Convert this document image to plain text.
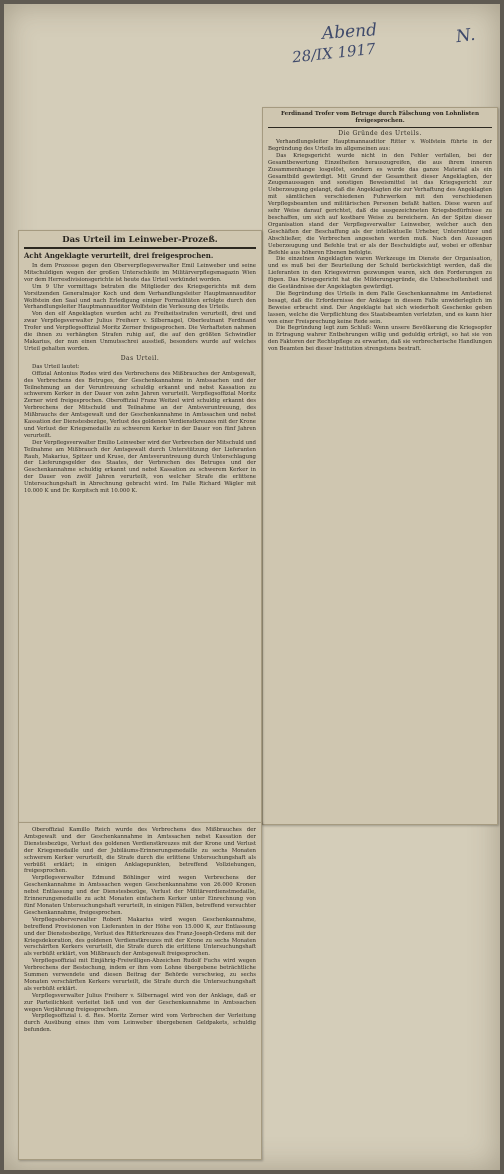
Abend
28/IX 1917
N.

Ferdinand Trofer vom Betruge durch Fälschung von Lohnlisten freigesprochen.

Die Gründe des Urteils.

Verhandlungsleiter Hauptmannauditor Ritter v. Wolfstein führte in der Begründung des Urteils im allgemeinen aus:

Das Kriegsgericht wurde nicht in den Fehler verfallen, bei der Gesamtbewertung Einzelheiten herauszugreifen, die aus ihrem inneren Zusammenhange losgelöst, sondern es wurde das ganze Material als ein Gesamtbild gewürdigt. Mit Grund der Gesamtheit dieser Angeklagten, der Zeugenaussagen und sonstigen Beweismittel ist das Kriegsgericht zur Ueberzeugung gelangt, daß die Angeklagten die zur Verhaftung des Angeklagten mit sämtlichen verschiedenen Fuhrwerken mit den verschiedenen Verpflegsbeamten und militärischen Personen befaßt hatten. Diese waren auf sehr Weise darauf gerichtet, daß die ausgezeichneten Kriegsbedürfnisse zu beschaffen, um sich auf kostbare Weise zu bereichern. An der Spitze dieser Organisation stand der Verpflegsverwalter Leinweber, welcher auch den Geschäften der Beschaffung als der intellektuelle Urheber, Unterstützer und Abschließer, die Verbrechen angesehen werden muß. Nach den Aussagen Ueberzeugung und Befehle trat er als der Beschuldigte auf, wobei er offenbar Befehle aus höheren Ebenen befolgte.

Die einzelnen Angeklagten waren Werkzeuge im Dienste der Organisation, und es muß bei der Beurteilung der Schuld berücksichtigt werden, daß die Lieferanten in den Kriegswirren gezwungen waren, sich den Forderungen zu fügen. Das Kriegsgericht hat die Milderungsgründe, die Unbescholtenheit und die Geständnisse der Angeklagten gewürdigt.

Die Begründung des Urteils in dem Falle Geschenkannahme im Amtsdienst besagt, daß die Erfordernisse der Anklage in diesem Falle unwiderleglich im Beweise erbracht sind. Der Angeklagte hat sich wiederholt Geschenke geben lassen, welche die Verpflichtung des Staatsbeamten verletzten, und es kann hier von einer Freisprechung keine Rede sein.

Die Begründung legt zum Schluß: Wenn unsere Bevölkerung die Kriegsopfer in Ertragung wahrer Entbehrungen willig und geduldig erträgt, so hat sie von den Faktoren der Rechtspflege zu erwarten, daß sie verbrecherische Handlungen von Beamten bei dieser Institution strengstens bestraft.

Das Urteil im Leinweber-Prozeß.
Acht Angeklagte verurteilt, drei freigesprochen.

In dem Prozesse gegen den Oberverpflegsverwalter Emil Leinweber und seine Mitschuldigen wegen der großen Unterschleife im Militärverpflegsmagazin Wien vor dem Herresdivisionsgerichte ist heute das Urteil verkündet worden.

Um 9 Uhr vormittags betraten die Mitglieder des Kriegsgerichts mit dem Vorsitzenden Generalmajor Koch und dem Verhandlungsleiter Hauptmannauditor Wolfstein den Saal und nach Erledigung einiger Formalitäten erfolgte durch den Verhandlungsleiter Hauptmannauditor Wolfstein die Verlesung des Urteils.

Von den elf Angeklagten wurden acht zu Freiheitsstrafen verurteilt, drei und zwar Verpflegsverwalter Julius Freiherr v. Silbernagel, Oberleutnant Ferdinand Trofer und Verpflegsoffizial Moritz Zerner freigesprochen. Die Verhafteten nahmen die ihnen zu verhängten Strafen ruhig auf, die auf den größten Schwindler Makarius, der nun einen Unmutsschrei ausstieß, besonders wurde auf welches Urteil gehalten worden.

Das Urteil.

Das Urteil lautet:

Offizial Antonius Rodes wird des Verbrechens des Mißbrauches der Amtsgewalt, des Verbrechens des Betruges, der Geschenkannahme in Amtssachen und der Teilnehmung an der Veruntreuung schuldig erkannt und nebst Kassation zu schwerem Kerker in der Dauer von zehn Jahren verurteilt. Verpflegsoffizial Moritz Zerner wird freigesprochen. Oberoffizial Franz Weitzel wird schuldig erkannt des Verbrechens der Mitschuld und Teilnahme an der Amtsveruntreuung, des Mißbrauchs der Amtsgewalt und der Geschenkannahme in Amtssachen und nebst Kassation der Dienstesbezüge, Verlust des goldenen Verdienstkreuzes mit der Krone und Verlust der Kriegsmedaille zu schwerem Kerker in der Dauer von fünf Jahren verurteilt.

Der Verpflegsverwalter Emilio Leinweber wird der Verbrechen der Mitschuld und Teilnahme am Mißbrauch der Amtsgewalt durch Unterstützung der Lieferanten Rauh, Makarius, Spitzer und Kruse, der Amtsveruntreuung durch Unterschlagung der Lieferungsgelder des Staates, der Verbrechen des Betruges und der Geschenkannahme schuldig erkannt und nebst Kassation zu schwerem Kerker in der Dauer von zwölf Jahren verurteilt, von welcher Strafe die erlittene Untersuchungshaft in Abrechnung gebracht wird. Im Falle Richard Wägler mit 10.000 K und Dr. Korpitsch mit 10.000 K.

Oberoffizial Kamillo Reich wurde des Verbrechens des Mißbrauches der Amtsgewalt und der Geschenkannahme in Amtssachen nebst Kassation der Dienstesbezüge, Verlust des goldenen Verdienstkreuzes mit der Krone und Verlust der Kriegsmedaille und der Jubiläums-Erinnerungsmedaille zu sechs Monaten schwerem Kerker verurteilt, die Strafe durch die erlittene Untersuchungshaft als verbüßt erklärt; in einigen Anklagepunkten, betreffend Vollziehungen, freigesprochen.

Verpflegsverwalter Edmund Böhlinger wird wegen Verbrechens der Geschenkannahme in Amtssachen wegen Geschenkannahme von 26.000 Kronen nebst Entlassung und der Dienstesbezüge, Verlust der Militärverdienstmedaille, Erinnerungsmedaille zu acht Monaten einfachem Kerker unter Einrechnung von fünf Monaten Untersuchungshaft verurteilt, in einigen Fällen, betreffend versuchter Geschenkannahme, freigesprochen.

Verpflegsoberverwalter Robert Makarius wird wegen Geschenkannahme, betreffend Provisionen von Lieferanten in der Höhe von 15.000 K, zur Entlassung und der Dienstesbezüge, Verlust des Ritterkreuzes des Franz-Joseph-Ordens mit der Kriegsdekoration, des goldenen Verdienstkreuzes mit der Krone zu sechs Monaten verschärften Kerkers verurteilt, die Strafe durch die erlittene Untersuchungshaft als verbüßt erklärt, von Mißbrauch der Amtsgewalt freigesprochen.

Verpflegsoffizial mit Einjährig-Freiwilligen-Abzeichen Rudolf Fuchs wird wegen Verbrechens der Bestechung, indem er ihm vom Lohne übergebene beträchtliche Summen verwendete und diesen Beitrag der Behörde verschwieg, zu sechs Monaten verschärften Kerkers verurteilt, die Strafe durch die Untersuchungshaft als verbüßt erklärt.

Verpflegsverwalter Julius Freiherr v. Silbernagel wird von der Anklage, daß er zur Parteilichkeit verleitet ließ und von der Geschenkannahme in Amtssachen wegen Verjährung freigesprochen.

Verpflegsoffizial i. d. Res. Moritz Zerner wird vom Verbrechen der Verleitung durch Ausübung eines ihm vom Leinweber übergebenen Geldpakets, schuldig befunden.
